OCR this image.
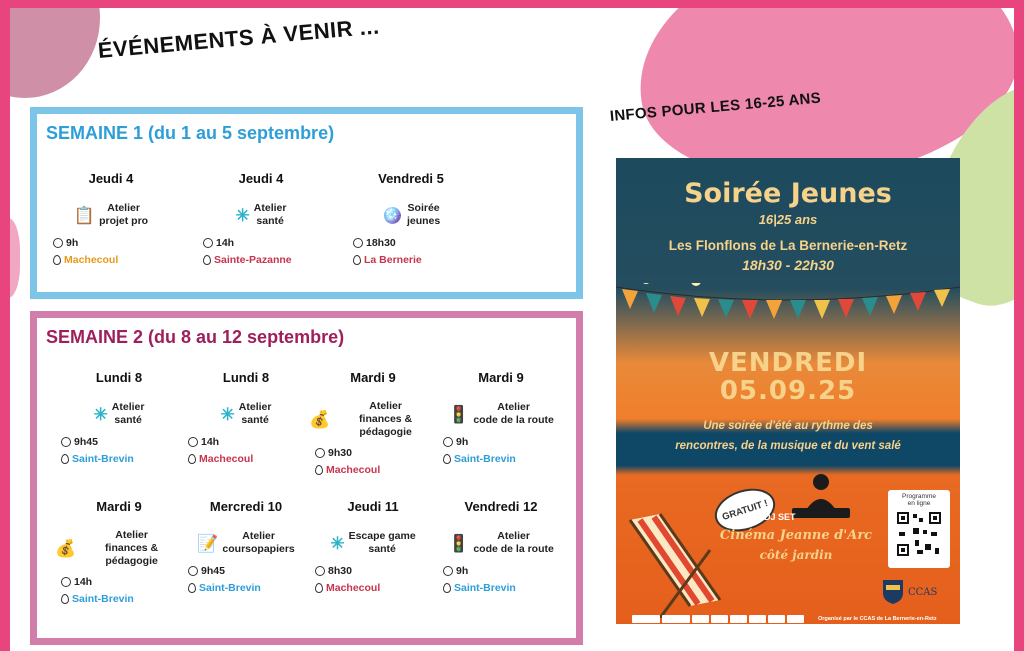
ÉVÉNEMENTS À VENIR ...
INFOS POUR LES 16-25 ANS
SEMAINE 1 (du 1 au 5 septembre)
Jeudi 4
📋	Atelier
projet pro
9h
Machecoul
Jeudi 4
✳ Atelier
santé
14h
Sainte-Pazanne
Vendredi 5
🪩 Soirée
jeunes
18h30
La Bernerie
SEMAINE 2 (du 8 au 12 septembre)
Lundi 8
✳ Atelier
santé
9h45
Saint-Brevin
Lundi 8
✳ Atelier
santé
14h
Machecoul
Mardi 9
💰
Atelier
finances & pédagogie
9h30
Machecoul
Mardi 9
🚦	Atelier
code de la route
9h
Saint-Brevin
Mardi 9
💰
Atelier
finances & pédagogie
14h
Saint-Brevin
Mercredi 10
📝	Atelier
coursopapiers
9h45
Saint-Brevin
Jeudi 11
✳ Escape game
santé
8h30
Machecoul
Vendredi 12
🚦	Atelier
code de la route
9h
Saint-Brevin
Soirée Jeunes
16|25 ans
Les Flonflons de La Bernerie-en-Retz
18h30 - 22h30
VENDREDI
05.09.25
Une soirée d'été au rythme des
rencontres, de la musique et du vent salé
GRATUIT !
DJ SET
Cinéma Jeanne d'Arc
côté jardin
Programme
en ligne
CCAS
Organisé par le CCAS de La Bernerie-en-Retz
